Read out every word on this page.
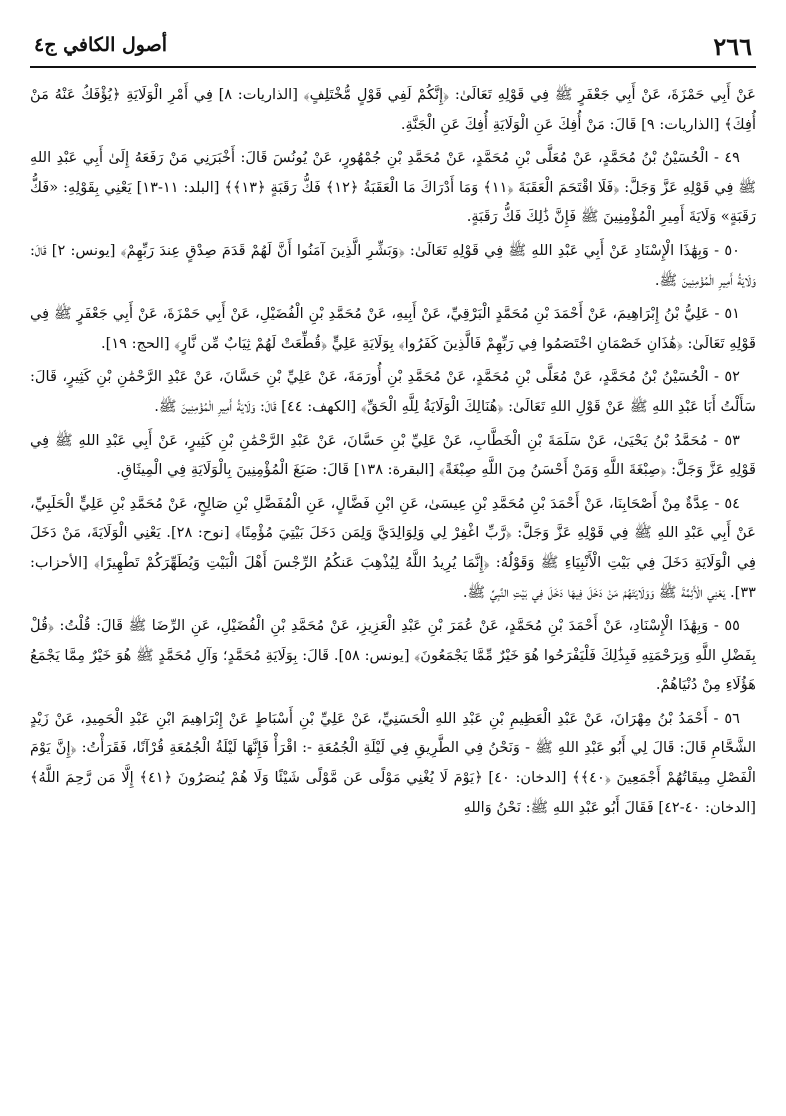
٢٦٦
أصول الكافي ج٤

عَنْ أَبِي حَمْزَةَ، عَنْ أَبِي جَعْفَرٍ ﷺ فِي قَوْلِهِ تَعَالَىٰ: ﴿إِنَّكُمْ لَفِي قَوْلٍ مُّخْتَلِفٍ﴾ [الذاريات: ٨] فِي أَمْرِ الْوَلَايَةِ ﴿يُؤْفَكُ عَنْهُ مَنْ أُفِكَ﴾ [الذاريات: ٩] قَالَ: مَنْ أُفِكَ عَنِ الْوَلَايَةِ أُفِكَ عَنِ الْجَنَّةِ.

٤٩ - الْحُسَيْنُ بْنُ مُحَمَّدٍ، عَنْ مُعَلَّى بْنِ مُحَمَّدٍ، عَنْ مُحَمَّدِ بْنِ جُمْهُورٍ، عَنْ يُونُسَ قَالَ: أَخْبَرَنِي مَنْ رَفَعَهُ إِلَىٰ أَبِي عَبْدِ اللهِ ﷺ فِي قَوْلِهِ عَزَّ وَجَلَّ: ﴿فَلَا اقْتَحَمَ الْعَقَبَةَ ﴿١١﴾ وَمَا أَدْرَاكَ مَا الْعَقَبَةُ ﴿١٢﴾ فَكُّ رَقَبَةٍ ﴿١٣﴾﴾ [البلد: ١١-١٣] يَعْنِي بِقَوْلِهِ: «فَكُّ رَقَبَةٍ» وَلَايَةَ أَمِيرِ الْمُؤْمِنِينَ ﷺ فَإِنَّ ذَٰلِكَ فَكُّ رَقَبَةٍ.

٥٠ - وَبِهَٰذَا الْإِسْنَادِ عَنْ أَبِي عَبْدِ اللهِ ﷺ فِي قَوْلِهِ تَعَالَىٰ: ﴿وَبَشِّرِ الَّذِينَ آمَنُوا أَنَّ لَهُمْ قَدَمَ صِدْقٍ عِندَ رَبِّهِمْ﴾ [يونس: ٢] قَالَ: وَلَايَةُ أَمِيرِ الْمُؤْمِنِينَ ﷺ.

٥١ - عَلِيُّ بْنُ إِبْرَاهِيمَ، عَنْ أَحْمَدَ بْنِ مُحَمَّدٍ الْبَرْقِيِّ، عَنْ أَبِيهِ، عَنْ مُحَمَّدِ بْنِ الْفُضَيْلِ، عَنْ أَبِي حَمْزَةَ، عَنْ أَبِي جَعْفَرٍ ﷺ فِي قَوْلِهِ تَعَالَىٰ: ﴿هَٰذَانِ خَصْمَانِ اخْتَصَمُوا فِي رَبِّهِمْ فَالَّذِينَ كَفَرُوا﴾ بِوَلَايَةِ عَلِيٍّ ﴿قُطِّعَتْ لَهُمْ ثِيَابٌ مِّن نَّارٍ﴾ [الحج: ١٩].

٥٢ - الْحُسَيْنُ بْنُ مُحَمَّدٍ، عَنْ مُعَلَّى بْنِ مُحَمَّدٍ، عَنْ مُحَمَّدِ بْنِ أُورَمَةَ، عَنْ عَلِيِّ بْنِ حَسَّانَ، عَنْ عَبْدِ الرَّحْمَٰنِ بْنِ كَثِيرٍ، قَالَ: سَأَلْتُ أَبَا عَبْدِ اللهِ ﷺ عَنْ قَوْلِ اللهِ تَعَالَىٰ: ﴿هُنَالِكَ الْوَلَايَةُ لِلَّهِ الْحَقِّ﴾ [الكهف: ٤٤] قَالَ: وَلَايَةُ أَمِيرِ الْمُؤْمِنِينَ ﷺ.

٥٣ - مُحَمَّدُ بْنُ يَحْيَىٰ، عَنْ سَلَمَةَ بْنِ الْخَطَّابِ، عَنْ عَلِيِّ بْنِ حَسَّانَ، عَنْ عَبْدِ الرَّحْمَٰنِ بْنِ كَثِيرٍ، عَنْ أَبِي عَبْدِ اللهِ ﷺ فِي قَوْلِهِ عَزَّ وَجَلَّ: ﴿صِبْغَةَ اللَّهِ وَمَنْ أَحْسَنُ مِنَ اللَّهِ صِبْغَةً﴾ [البقرة: ١٣٨] قَالَ: صَبَغَ الْمُؤْمِنِينَ بِالْوَلَايَةِ فِي الْمِيثَاقِ.

٥٤ - عِدَّةٌ مِنْ أَصْحَابِنَا، عَنْ أَحْمَدَ بْنِ مُحَمَّدِ بْنِ عِيسَىٰ، عَنِ ابْنِ فَضَّالٍ، عَنِ الْمُفَضَّلِ بْنِ صَالِحٍ، عَنْ مُحَمَّدِ بْنِ عَلِيٍّ الْحَلَبِيِّ، عَنْ أَبِي عَبْدِ اللهِ ﷺ فِي قَوْلِهِ عَزَّ وَجَلَّ: ﴿رَّبِّ اغْفِرْ لِي وَلِوَالِدَيَّ وَلِمَن دَخَلَ بَيْتِيَ مُؤْمِنًا﴾ [نوح: ٢٨]. يَعْنِي الْوَلَايَةَ، مَنْ دَخَلَ فِي الْوَلَايَةِ دَخَلَ فِي بَيْتِ الْأَنْبِيَاءِ ﷺ وَقَوْلُهُ: ﴿إِنَّمَا يُرِيدُ اللَّهُ لِيُذْهِبَ عَنكُمُ الرِّجْسَ أَهْلَ الْبَيْتِ وَيُطَهِّرَكُمْ تَطْهِيرًا﴾ [الأحزاب: ٣٣]. يَعْنِي الْأَئِمَّةَ ﷺ وَوَلَايَتَهُمْ مَنْ دَخَلَ فِيهَا دَخَلَ فِي بَيْتِ النَّبِيِّ ﷺ.

٥٥ - وَبِهَٰذَا الْإِسْنَادِ، عَنْ أَحْمَدَ بْنِ مُحَمَّدٍ، عَنْ عُمَرَ بْنِ عَبْدِ الْعَزِيزِ، عَنْ مُحَمَّدِ بْنِ الْفُضَيْلِ، عَنِ الرِّضَا ﷺ قَالَ: قُلْتُ: ﴿قُلْ بِفَضْلِ اللَّهِ وَبِرَحْمَتِهِ فَبِذَٰلِكَ فَلْيَفْرَحُوا هُوَ خَيْرٌ مِّمَّا يَجْمَعُونَ﴾ [يونس: ٥٨]. قَالَ: بِوَلَايَةِ مُحَمَّدٍ؛ وَآلِ مُحَمَّدٍ ﷺ هُوَ خَيْرٌ مِمَّا يَجْمَعُ هَؤُلَاءِ مِنْ دُنْيَاهُمْ.

٥٦ - أَحْمَدُ بْنُ مِهْرَانَ، عَنْ عَبْدِ الْعَظِيمِ بْنِ عَبْدِ اللهِ الْحَسَنِيِّ، عَنْ عَلِيِّ بْنِ أَسْبَاطٍ عَنْ إِبْرَاهِيمَ ابْنِ عَبْدِ الْحَمِيدِ، عَنْ زَيْدٍ الشَّحَّامِ قَالَ: قَالَ لِي أَبُو عَبْدِ اللهِ ﷺ - وَنَحْنُ فِي الطَّرِيقِ فِي لَيْلَةِ الْجُمُعَةِ -: اقْرَأْ فَإِنَّهَا لَيْلَةُ الْجُمُعَةِ قُرْآنًا، فَقَرَأْتُ: ﴿إِنَّ يَوْمَ الْفَصْلِ مِيقَاتُهُمْ أَجْمَعِينَ ﴿٤٠﴾﴾ [الدخان: ٤٠] ﴿يَوْمَ لَا يُغْنِي مَوْلًى عَن مَّوْلًى شَيْئًا وَلَا هُمْ يُنصَرُونَ ﴿٤١﴾ إِلَّا مَن رَّحِمَ اللَّهُ﴾ [الدخان: ٤٠-٤٢] فَقَالَ أَبُو عَبْدِ اللهِ ﷺ: نَحْنُ وَاللهِ
